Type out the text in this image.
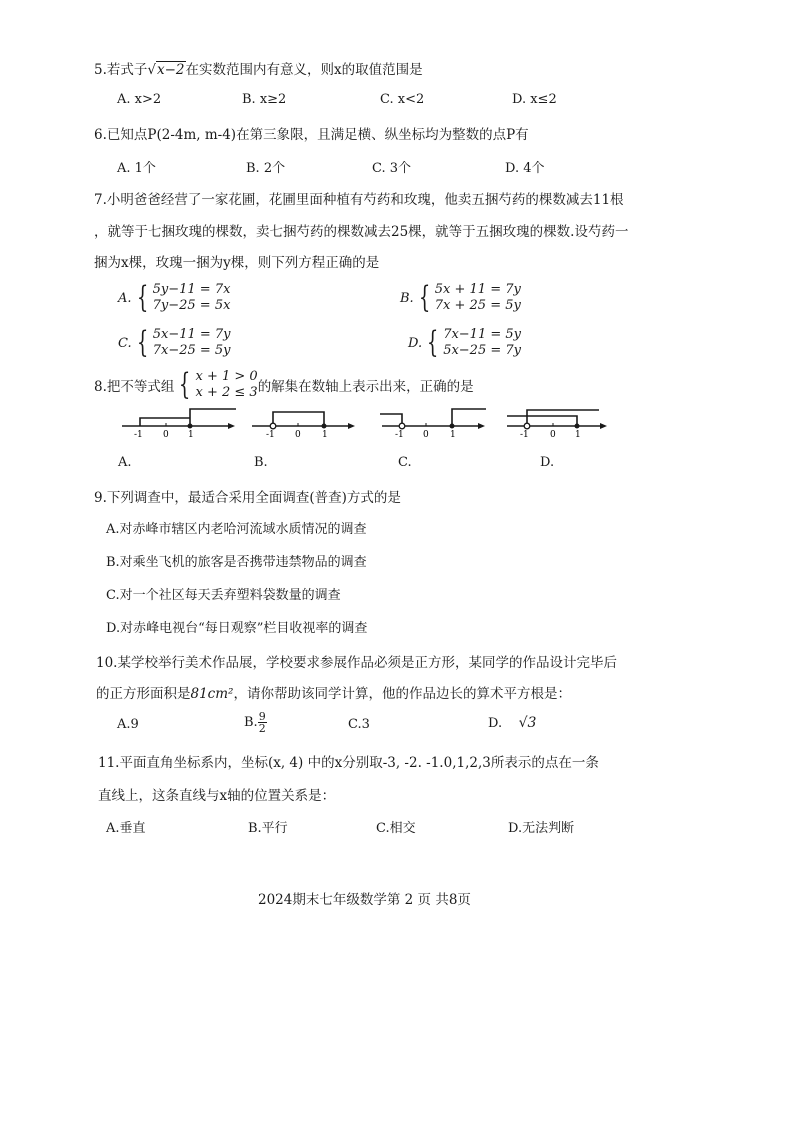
5.若式子√x−2在实数范围内有意义，则x的取值范围是
A. x>2	B. x≥2	C. x<2	D. x≤2
6.已知点P(2-4m, m-4)在第三象限，且满足横、纵坐标均为整数的点P有
A. 1个	B. 2个	C. 3个	D. 4个
7.小明爸爸经营了一家花圃，花圃里面种植有芍药和玫瑰，他卖五捆芍药的棵数减去11根
，就等于七捆玫瑰的棵数，卖七捆芍药的棵数减去25棵，就等于五捆玫瑰的棵数.设芍药一
捆为x棵，玫瑰一捆为y棵，则下列方程正确的是
A. { 5y−11 = 7x
7y−25 = 5x	B. { 5x + 11 = 7y
7x + 25 = 5y
C. { 5x−11 = 7y
7x−25 = 5y	D. { 7x−11 = 5y
5x−25 = 7y
8.把不等式组 { x + 1 > 0
x + 2 ≤ 3 的解集在数轴上表示出来，正确的是
-1 0 1	-1 0 1	-1 0 1	-1 0 1
A.	B.	C.	D.
9.下列调查中，最适合采用全面调查(普查)方式的是
A.对赤峰市辖区内老哈河流域水质情况的调查
B.对乘坐飞机的旅客是否携带违禁物品的调查
C.对一个社区每天丢弃塑料袋数量的调查
D.对赤峰电视台“每日观察”栏目收视率的调查
10.某学校举行美术作品展，学校要求参展作品必须是正方形，某同学的作品设计完毕后
的正方形面积是81cm²，请你帮助该同学计算，他的作品边长的算术平方根是：
A.9	B. $\frac{9}{2}$	C.3	D. √3
11.平面直角坐标系内，坐标(x, 4) 中的x分别取-3, -2. -1.0,1,2,3所表示的点在一条
直线上，这条直线与x轴的位置关系是：
A.垂直	B.平行	C.相交	D.无法判断
2024期末七年级数学第 2 页 共8页
